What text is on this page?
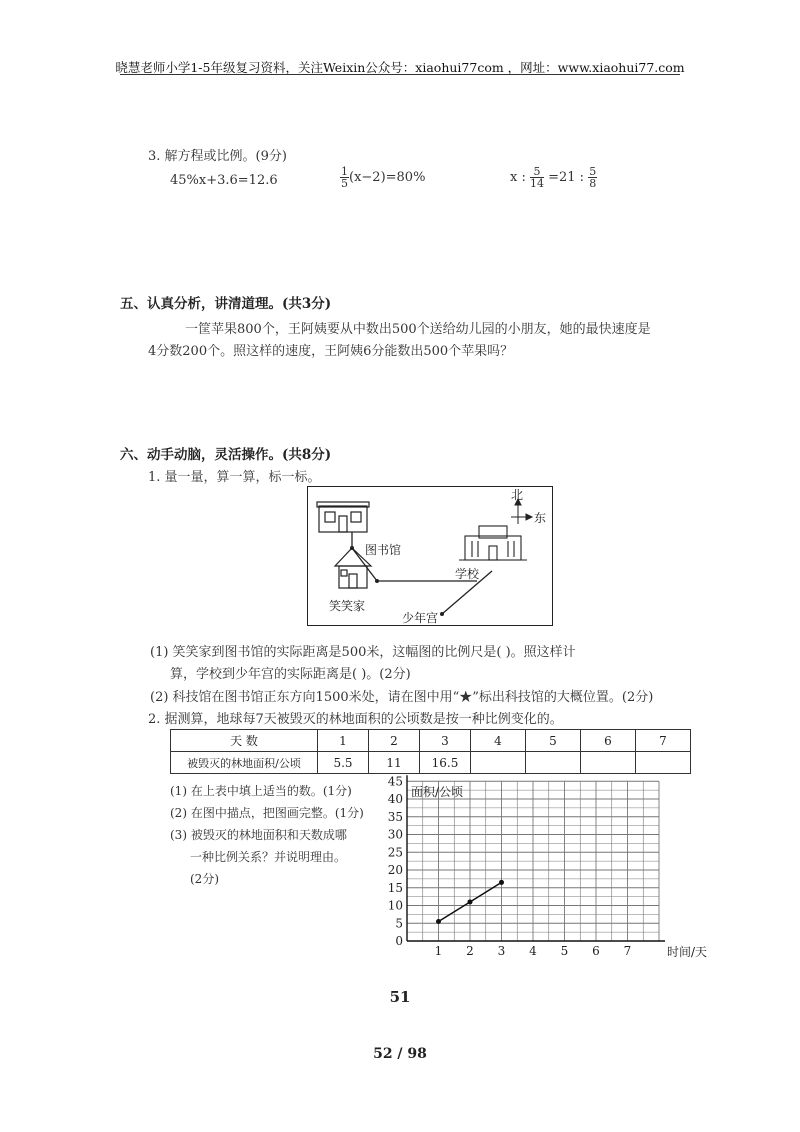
晓慧老师小学1-5年级复习资料，关注Weixin公众号：xiaohui77com ，网址：www.xiaohui77.com
3. 解方程或比例。(9分)
45%x+3.6=12.6	$\frac{1}{5} (x-2)=80\%$	x : $\frac{5}{14} =21$ : $\frac{5}{8}$
五、认真分析，讲清道理。(共3分)
一筐苹果800个，王阿姨要从中数出500个送给幼儿园的小朋友，她的最快速度是
4分数200个。照这样的速度，王阿姨6分能数出500个苹果吗？
六、动手动脑，灵活操作。(共8分)
1. 量一量，算一算，标一标。
北
东
图书馆
学校
笑笑家
少年宫
(1) 笑笑家到图书馆的实际距离是500米，这幅图的比例尺是( )。照这样计
算，学校到少年宫的实际距离是( )。(2分)
(2) 科技馆在图书馆正东方向1500米处，请在图中用“★”标出科技馆的大概位置。(2分)
2. 据测算，地球每7天被毁灭的林地面积的公顷数是按一种比例变化的。
天 数	1	2	3	4	5	6	7
被毁灭的林地面积/公顷	5.5	11	16.5				
(1) 在上表中填上适当的数。(1分)
(2) 在图中描点，把图画完整。(1分)
(3) 被毁灭的林地面积和天数成哪
一种比例关系？并说明理由。
(2分)
0
5
10
15
20
25
30
35
40
45
1 2 3 4 5 6 7
面积/公顷
时间/天
51
52 / 98
